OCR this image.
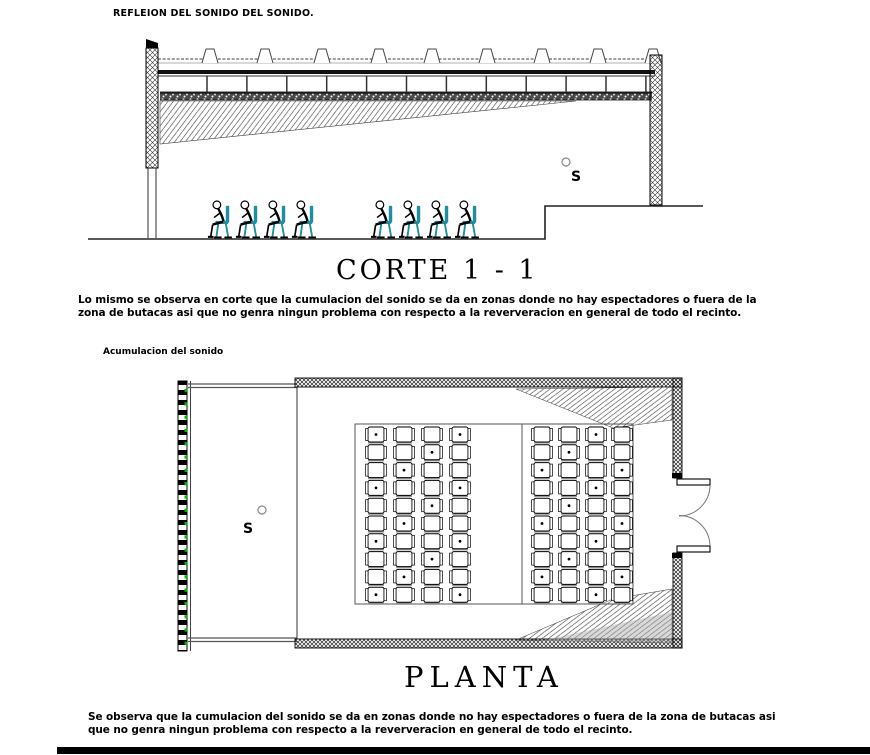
REFLEION DEL SONIDO DEL SONIDO.
S
CORTE 1 - 1
Lo mismo se observa en corte que la cumulacion del sonido se da en zonas donde no hay espectadores o fuera de la
zona de butacas asi que no genra ningun problema con respecto a la reververacion en general de todo el recinto.
Acumulacion del sonido
S
PLANTA
Se observa que la cumulacion del sonido se da en zonas donde no hay espectadores o fuera de la zona de butacas asi
que no genra ningun problema con respecto a la reververacion en general de todo el recinto.
